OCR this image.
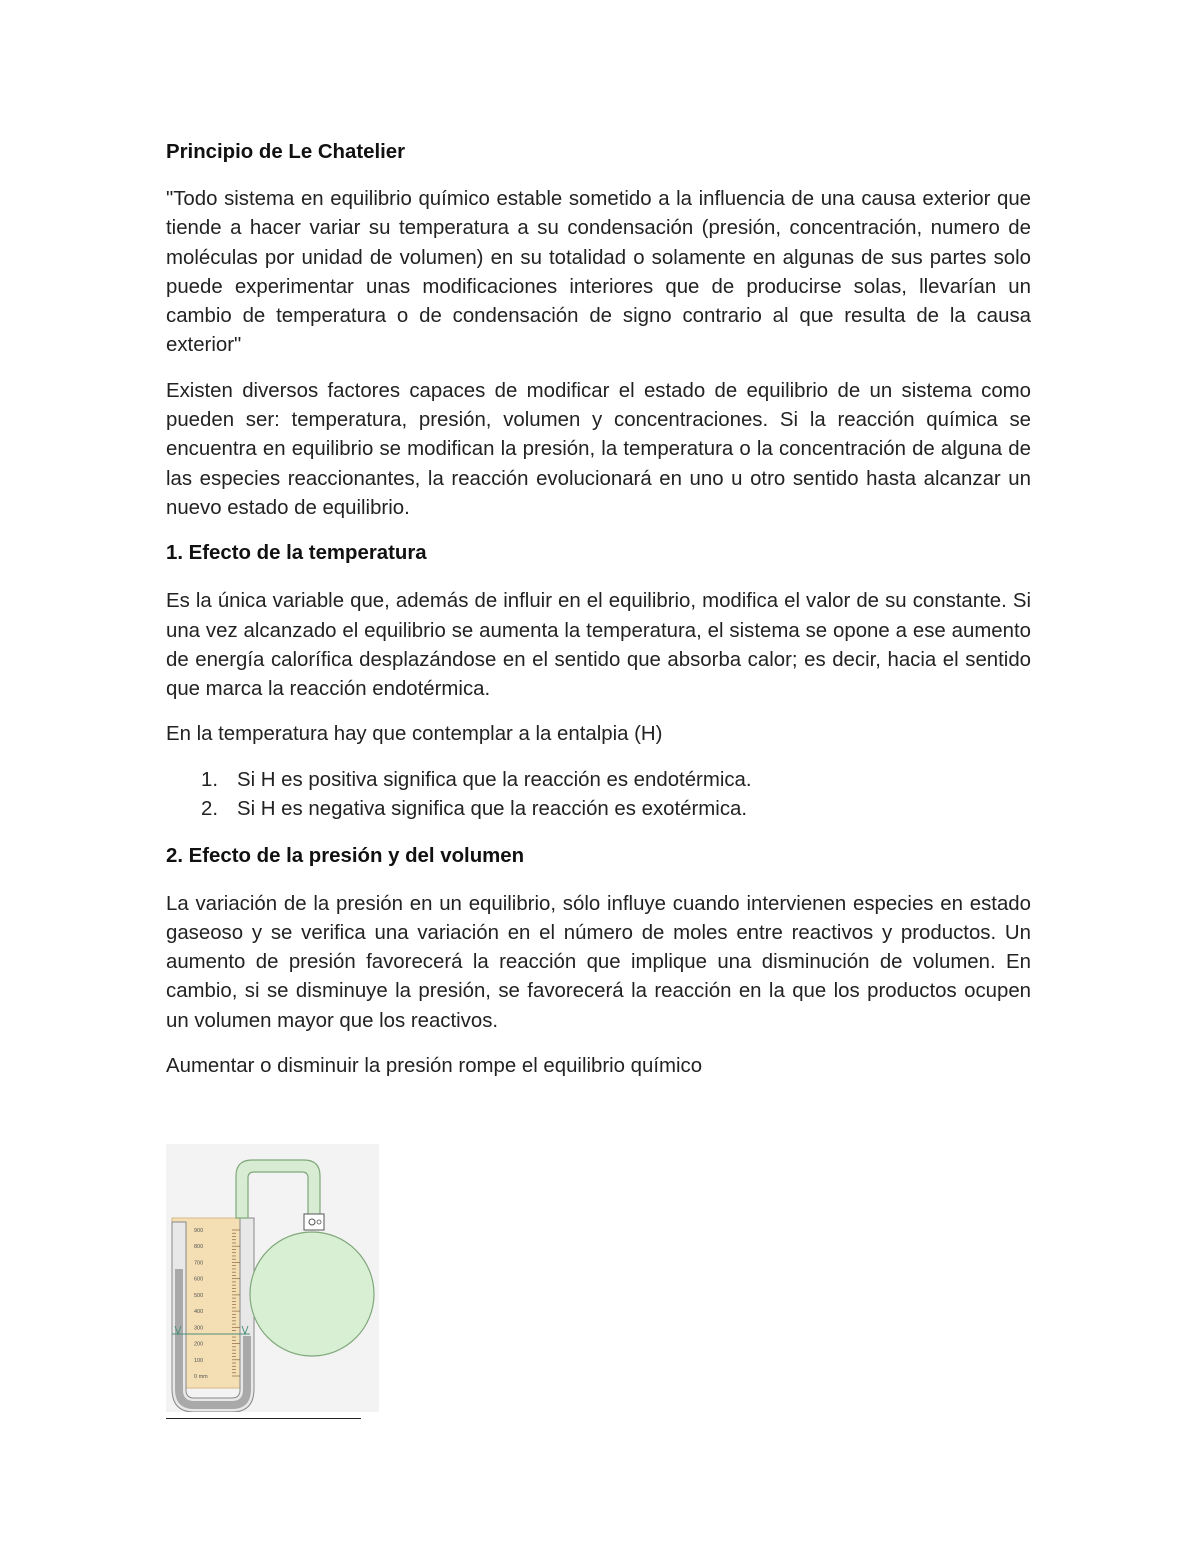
Principio de Le Chatelier

"Todo sistema en equilibrio químico estable sometido a la influencia de una causa exterior que tiende a hacer variar su temperatura a su condensación (presión, concentración, numero de moléculas por unidad de volumen) en su totalidad o solamente en algunas de sus partes solo puede experimentar unas modificaciones interiores que de producirse solas, llevarían un cambio de temperatura o de condensación de signo contrario al que resulta de la causa exterior"

Existen diversos factores capaces de modificar el estado de equilibrio de un sistema como pueden ser: temperatura, presión, volumen y concentraciones. Si la reacción química se encuentra en equilibrio se modifican la presión, la temperatura o la concentración de alguna de las especies reaccionantes, la reacción evolucionará en uno u otro sentido hasta alcanzar un nuevo estado de equilibrio.

1. Efecto de la temperatura

Es la única variable que, además de influir en el equilibrio, modifica el valor de su constante. Si una vez alcanzado el equilibrio se aumenta la temperatura, el sistema se opone a ese aumento de energía calorífica desplazándose en el sentido que absorba calor; es decir, hacia el sentido que marca la reacción endotérmica.

En la temperatura hay que contemplar a la entalpia (H)

1. Si H es positiva significa que la reacción es endotérmica.
2. Si H es negativa significa que la reacción es exotérmica.
2. Efecto de la presión y del volumen

La variación de la presión en un equilibrio, sólo influye cuando intervienen especies en estado gaseoso y se verifica una variación en el número de moles entre reactivos y productos. Un aumento de presión favorecerá la reacción que implique una disminución de volumen. En cambio, si se disminuye la presión, se favorecerá la reacción en la que los productos ocupen un volumen mayor que los reactivos.

Aumentar o disminuir la presión rompe el equilibrio químico

900
800
700
600
500
400
300
200
100
0 mm
